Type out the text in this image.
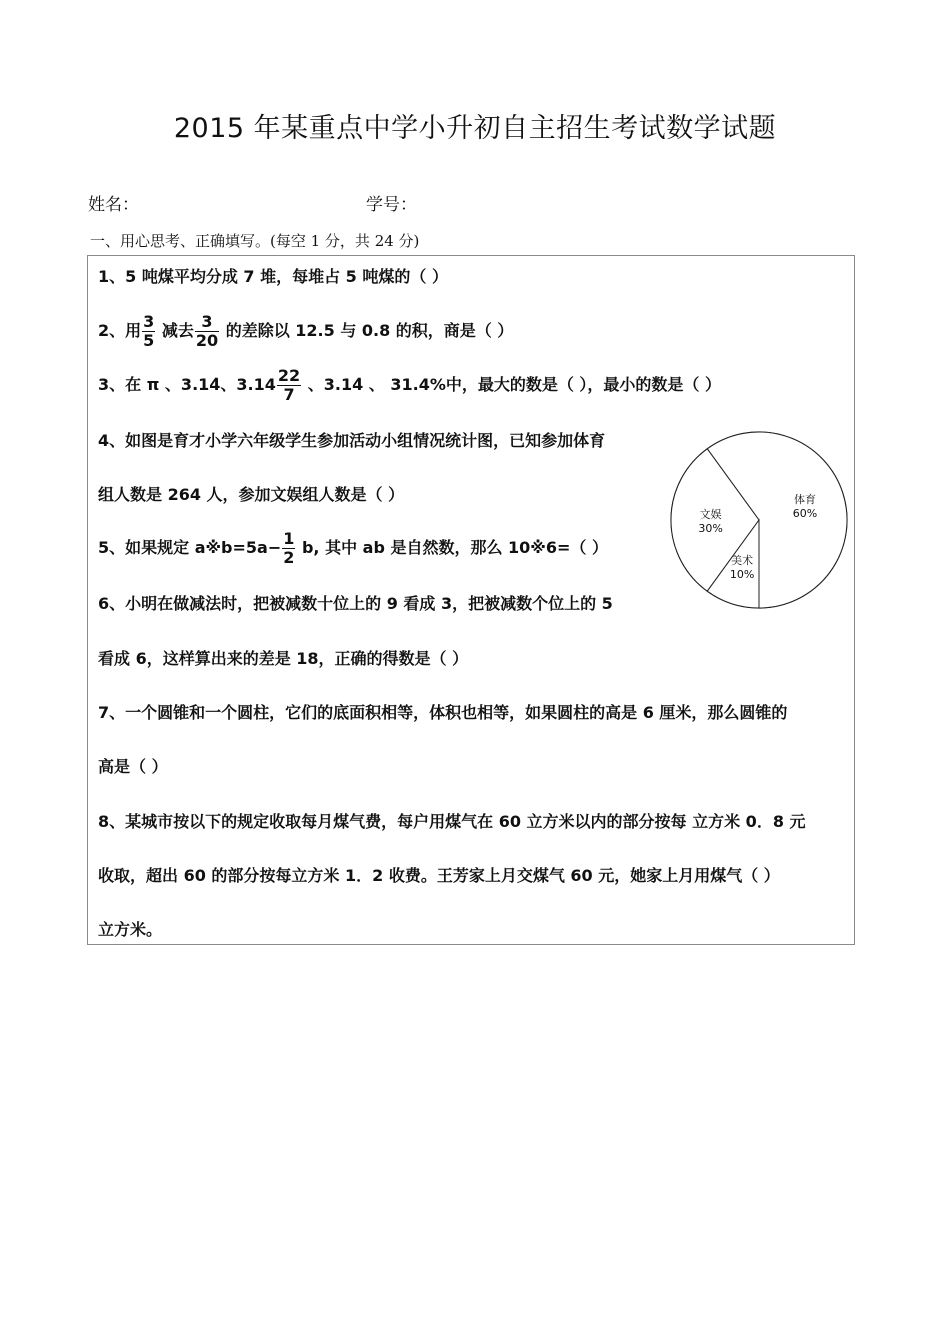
2015 年某重点中学小升初自主招生考试数学试题
姓名：	学号：
一、用心思考、正确填写。(每空 1 分，共 24 分)
1、5 吨煤平均分成 7 堆，每堆占 5 吨煤的（ ）
2、用 $\frac{3}{5}$ 减去 $\frac{3}{20}$ 的差除以 12.5 与 0.8 的积，商是（ ）
3、在 π 、3.14̇、$3.14 \frac{22}{7}$ 、3.14̇ 、 31.4%中，最大的数是（ ），最小的数是（ ）
4、如图是育才小学六年级学生参加活动小组情况统计图，已知参加体育
组人数是 264 人，参加文娱组人数是（ ）
5、如果规定 a※b=5a− $\frac{1}{2} b$, 其中 ab 是自然数，那么 10※6=（ ）
6、小明在做减法时，把被减数十位上的 9 看成 3，把被减数个位上的 5
看成 6，这样算出来的差是 18，正确的得数是（ ）
7、一个圆锥和一个圆柱，它们的底面积相等，体积也相等，如果圆柱的高是 6 厘米，那么圆锥的
高是（ ）
8、某城市按以下的规定收取每月煤气费，每户用煤气在 60 立方米以内的部分按每 立方米 0．8 元
收取，超出 60 的部分按每立方米 1．2 收费。王芳家上月交煤气 60 元，她家上月用煤气（ ）
立方米。
体育
60%
文娱
30%
美术
10%
